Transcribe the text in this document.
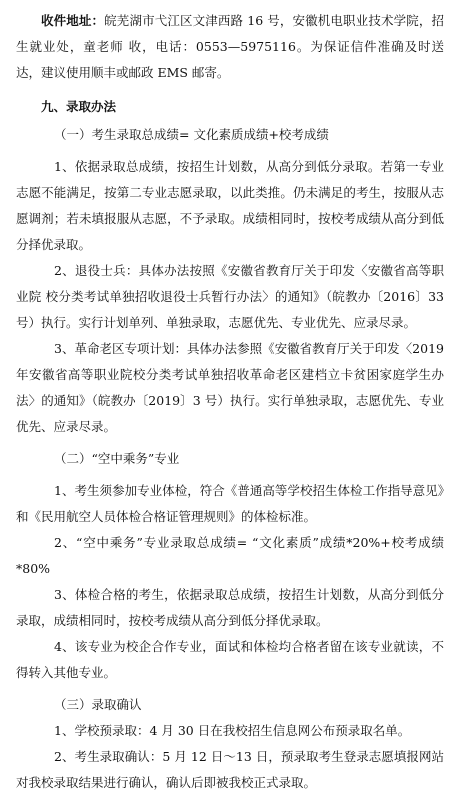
收件地址：皖芜湖市弋江区文津西路 16 号，安徽机电职业技术学院，招生就业处，童老师 收，电话：0553—5975116。为保证信件准确及时送达，建议使用顺丰或邮政 EMS 邮寄。

九、录取办法

（一）考生录取总成绩= 文化素质成绩+校考成绩

1、依据录取总成绩，按招生计划数，从高分到低分录取。若第一专业志愿不能满足，按第二专业志愿录取，以此类推。仍未满足的考生，按服从志愿调剂；若未填报服从志愿，不予录取。成绩相同时，按校考成绩从高分到低分择优录取。

2、退役士兵：具体办法按照《安徽省教育厅关于印发〈安徽省高等职业院 校分类考试单独招收退役士兵暂行办法〉的通知》（皖教办〔2016〕33 号）执行。实行计划单列、单独录取，志愿优先、专业优先、应录尽录。

3、革命老区专项计划：具体办法参照《安徽省教育厅关于印发〈2019 年安徽省高等职业院校分类考试单独招收革命老区建档立卡贫困家庭学生办法〉的通知》（皖教办〔2019〕3 号）执行。实行单独录取，志愿优先、专业优先、应录尽录。

（二）“空中乘务”专业

1、考生须参加专业体检，符合《普通高等学校招生体检工作指导意见》和《民用航空人员体检合格证管理规则》的体检标准。

2、“空中乘务”专业录取总成绩= “文化素质”成绩*20%+校考成绩*80%

3、体检合格的考生，依据录取总成绩，按招生计划数，从高分到低分录取，成绩相同时，按校考成绩从高分到低分择优录取。

4、该专业为校企合作专业，面试和体检均合格者留在该专业就读，不得转入其他专业。

（三）录取确认

1、学校预录取：4 月 30 日在我校招生信息网公布预录取名单。

2、考生录取确认：5 月 12 日～13 日，预录取考生登录志愿填报网站对我校录取结果进行确认，确认后即被我校正式录取。
